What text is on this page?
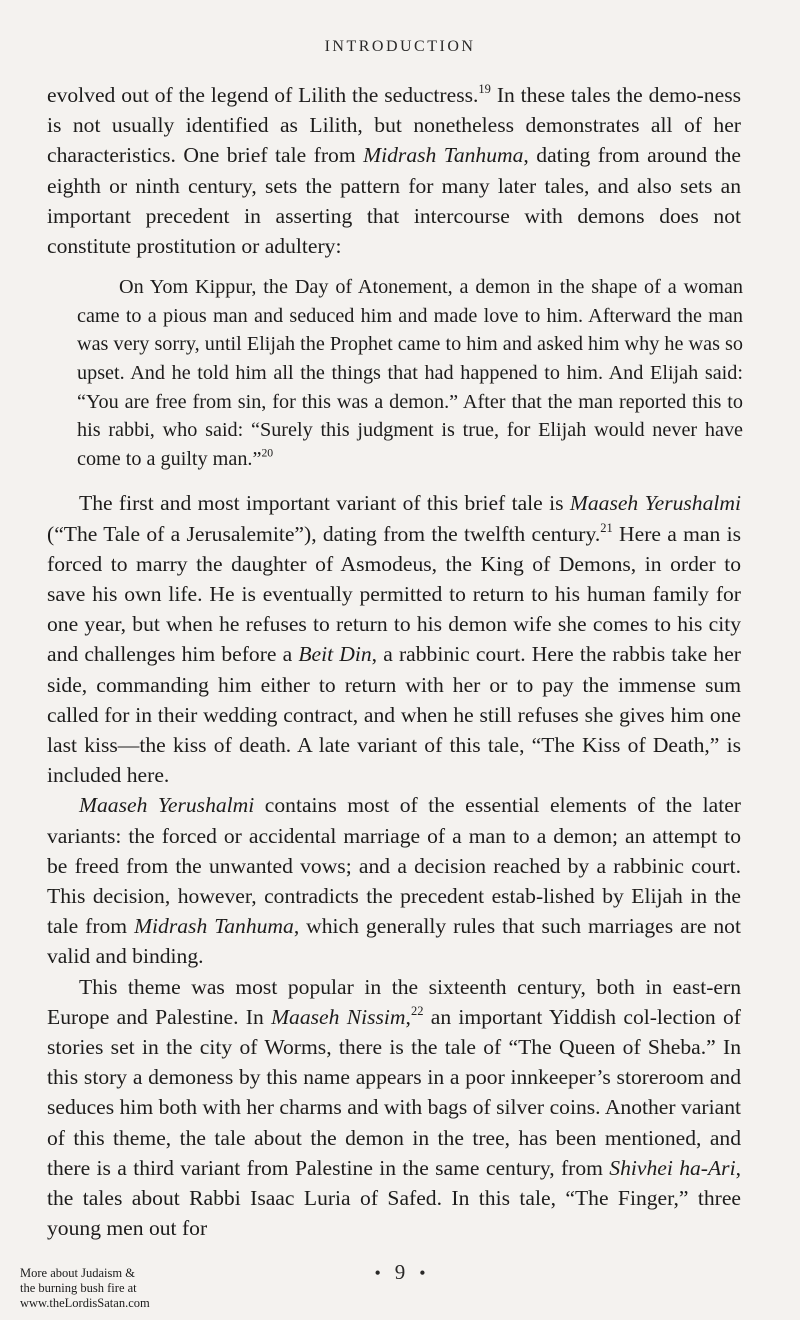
INTRODUCTION

evolved out of the legend of Lilith the seductress.$^{19}$ In these tales the demo-ness is not usually identified as Lilith, but nonetheless demonstrates all of her characteristics. One brief tale from Midrash Tanhuma, dating from around the eighth or ninth century, sets the pattern for many later tales, and also sets an important precedent in asserting that intercourse with demons does not constitute prostitution or adultery:

On Yom Kippur, the Day of Atonement, a demon in the shape of a woman came to a pious man and seduced him and made love to him. Afterward the man was very sorry, until Elijah the Prophet came to him and asked him why he was so upset. And he told him all the things that had happened to him. And Elijah said: “You are free from sin, for this was a demon.” After that the man reported this to his rabbi, who said: “Surely this judgment is true, for Elijah would never have come to a guilty man.”$^{20}$

The first and most important variant of this brief tale is Maaseh Yerushalmi (“The Tale of a Jerusalemite”), dating from the twelfth century.$^{21}$ Here a man is forced to marry the daughter of Asmodeus, the King of Demons, in order to save his own life. He is eventually permitted to return to his human family for one year, but when he refuses to return to his demon wife she comes to his city and challenges him before a Beit Din, a rabbinic court. Here the rabbis take her side, commanding him either to return with her or to pay the immense sum called for in their wedding contract, and when he still refuses she gives him one last kiss—the kiss of death. A late variant of this tale, “The Kiss of Death,” is included here.

Maaseh Yerushalmi contains most of the essential elements of the later variants: the forced or accidental marriage of a man to a demon; an attempt to be freed from the unwanted vows; and a decision reached by a rabbinic court. This decision, however, contradicts the precedent estab-lished by Elijah in the tale from Midrash Tanhuma, which generally rules that such marriages are not valid and binding.

This theme was most popular in the sixteenth century, both in east-ern Europe and Palestine. In Maaseh Nissim,$^{22}$ an important Yiddish col-lection of stories set in the city of Worms, there is the tale of “The Queen of Sheba.” In this story a demoness by this name appears in a poor innkeeper’s storeroom and seduces him both with her charms and with bags of silver coins. Another variant of this theme, the tale about the demon in the tree, has been mentioned, and there is a third variant from Palestine in the same century, from Shivhei ha-Ari, the tales about Rabbi Isaac Luria of Safed. In this tale, “The Finger,” three young men out for

• 9 •
More about Judaism &
the burning bush fire at
www.theLordisSatan.com
